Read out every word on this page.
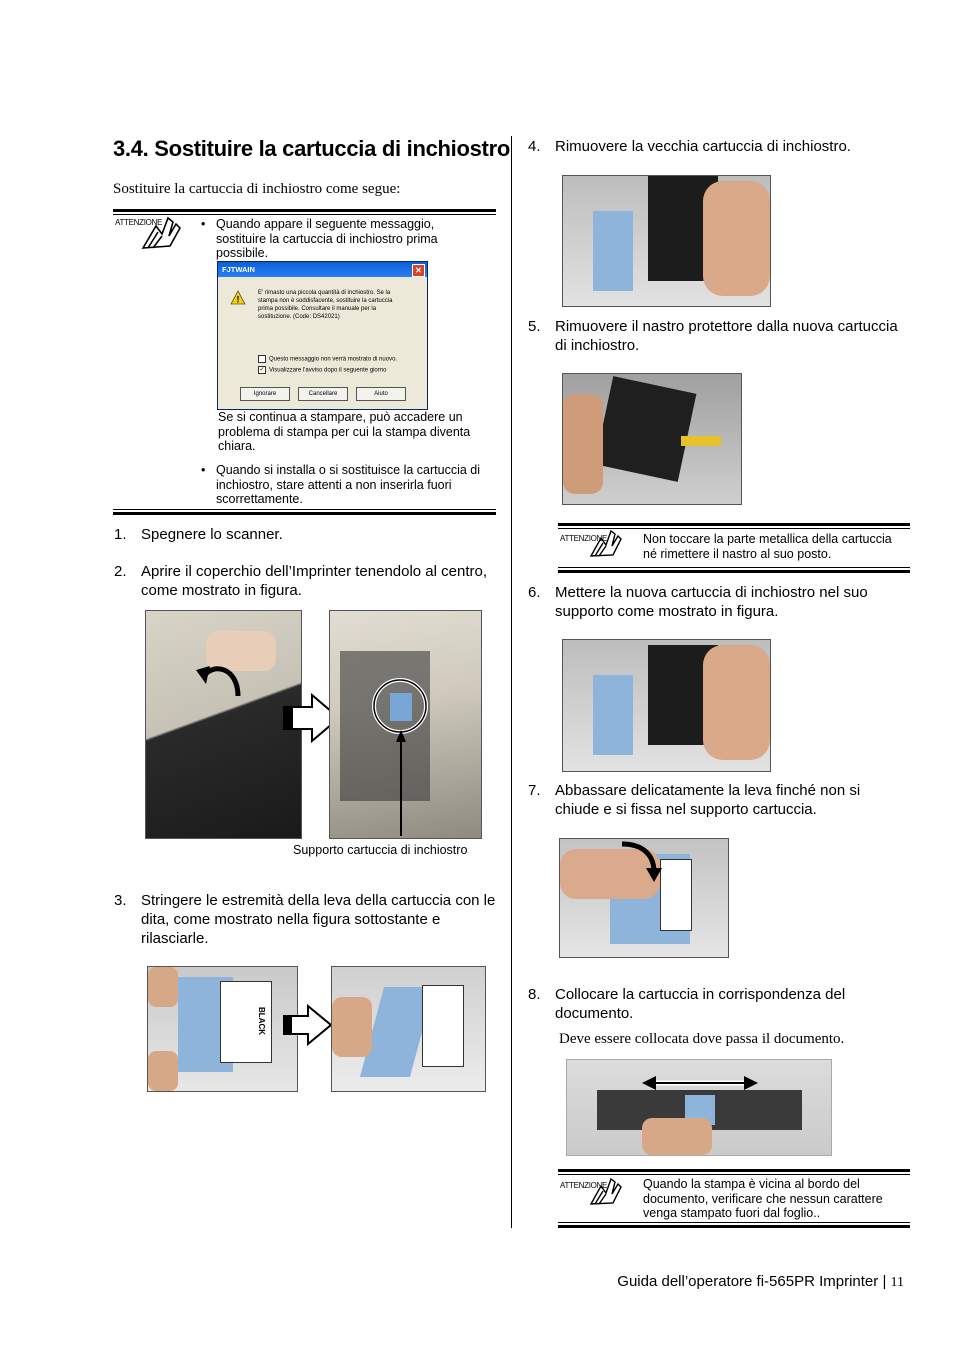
3.4. Sostituire la cartuccia di inchiostro
Sostituire la cartuccia di inchiostro come segue:
ATTENZIONE	• Quando appare il seguente messaggio, sostituire la cartuccia di inchiostro prima possibile.
FJTWAIN	✕
!
E' rimasto una piccola quantità di inchiostro. Se la stampa non è soddisfacente, sostituire la cartuccia prima possibile. Consultare il manuale per la sostituzione. (Code: DS42021)
Questo messaggio non verrà mostrato di nuovo.
✓ Visualizzare l'avviso dopo il seguente giorno
Ignorare	Cancellare	Aiuto
Se si continua a stampare, può accadere un problema di stampa per cui la stampa diventa chiara.
• Quando si installa o si sostituisce la cartuccia di inchiostro, stare attenti a non inserirla fuori scorrettamente.
1. Spegnere lo scanner.
2. Aprire il coperchio dell’Imprinter tenendolo al centro, come mostrato in figura.
Supporto cartuccia di inchiostro
3. Stringere le estremità della leva della cartuccia con le dita, come mostrato nella figura sottostante e rilasciarle.
BLACK
4. Rimuovere la vecchia cartuccia di inchiostro.
5. Rimuovere il nastro protettore dalla nuova cartuccia di inchiostro.
ATTENZIONE	Non toccare la parte metallica della cartuccia né rimettere il nastro al suo posto.
6. Mettere la nuova cartuccia di inchiostro nel suo supporto come mostrato in figura.
7. Abbassare delicatamente la leva finché non si chiude e si fissa nel supporto cartuccia.
8. Collocare la cartuccia in corrispondenza del documento.
Deve essere collocata dove passa il documento.
ATTENZIONE	Quando la stampa è vicina al bordo del documento, verificare che nessun carattere venga stampato fuori dal foglio..
Guida dell’operatore fi-565PR Imprinter | 11
